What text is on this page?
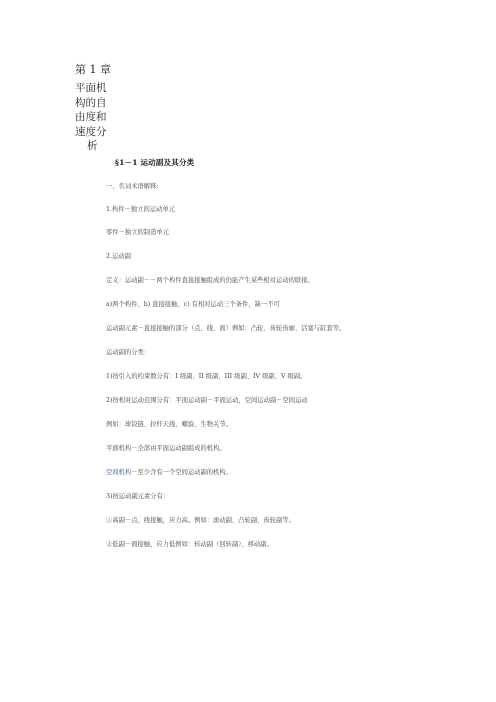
第 1 章
平面机
构的自
由度和
速度分
析
§1－1 运动副及其分类
一、名词术语解释:
1.构件－独立的运动单元
零件－独立的制造单元
2.运动副
定义：运动副－－两个构件直接接触组成的仍能产生某些相对运动的联接。
a)两个构件、b) 直接接触、c) 有相对运动三个条件，缺一不可
运动副元素－直接接触的部分（点、线、面）例如：凸轮、齿轮齿廓、活塞与缸套等。
运动副的分类：
1)按引入的约束数分有：I 级副、II 级副、III 级副、IV 级副、V 级副。
2)按相对运动范围分有：平面运动副－平面运动，空间运动副－空间运动
例如：球铰链、拉杆天线、螺旋、生物关节。
平面机构－全部由平面运动副组成的机构。
空间机构－至少含有一个空间运动副的机构。
3)按运动副元素分有：
①高副－点、线接触，应力高。例如：滚动副、凸轮副、齿轮副等。
②低副－面接触，应力低例如：转动副（回转副）、移动副。
